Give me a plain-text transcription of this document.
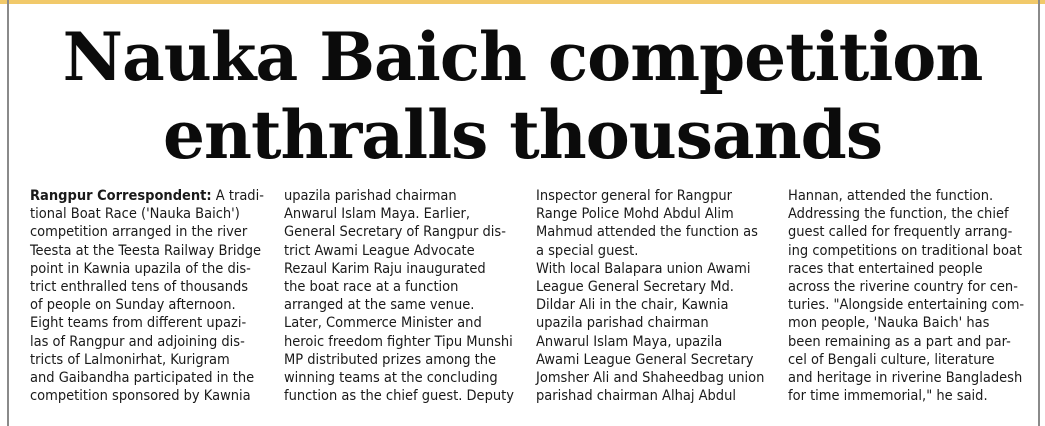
Nauka Baich competition
enthralls thousands
Rangpur Correspondent: A tradi-
tional Boat Race ('Nauka Baich')
competition arranged in the river
Teesta at the Teesta Railway Bridge
point in Kawnia upazila of the dis-
trict enthralled tens of thousands
of people on Sunday afternoon.
Eight teams from different upazi-
las of Rangpur and adjoining dis-
tricts of Lalmonirhat, Kurigram
and Gaibandha participated in the
competition sponsored by Kawnia
upazila parishad chairman
Anwarul Islam Maya. Earlier,
General Secretary of Rangpur dis-
trict Awami League Advocate
Rezaul Karim Raju inaugurated
the boat race at a function
arranged at the same venue.
Later, Commerce Minister and
heroic freedom fighter Tipu Munshi
MP distributed prizes among the
winning teams at the concluding
function as the chief guest. Deputy
Inspector general for Rangpur
Range Police Mohd Abdul Alim
Mahmud attended the function as
a special guest.
With local Balapara union Awami
League General Secretary Md.
Dildar Ali in the chair, Kawnia
upazila parishad chairman
Anwarul Islam Maya, upazila
Awami League General Secretary
Jomsher Ali and Shaheedbag union
parishad chairman Alhaj Abdul
Hannan, attended the function.
Addressing the function, the chief
guest called for frequently arrang-
ing competitions on traditional boat
races that entertained people
across the riverine country for cen-
turies. "Alongside entertaining com-
mon people, 'Nauka Baich' has
been remaining as a part and par-
cel of Bengali culture, literature
and heritage in riverine Bangladesh
for time immemorial," he said.
